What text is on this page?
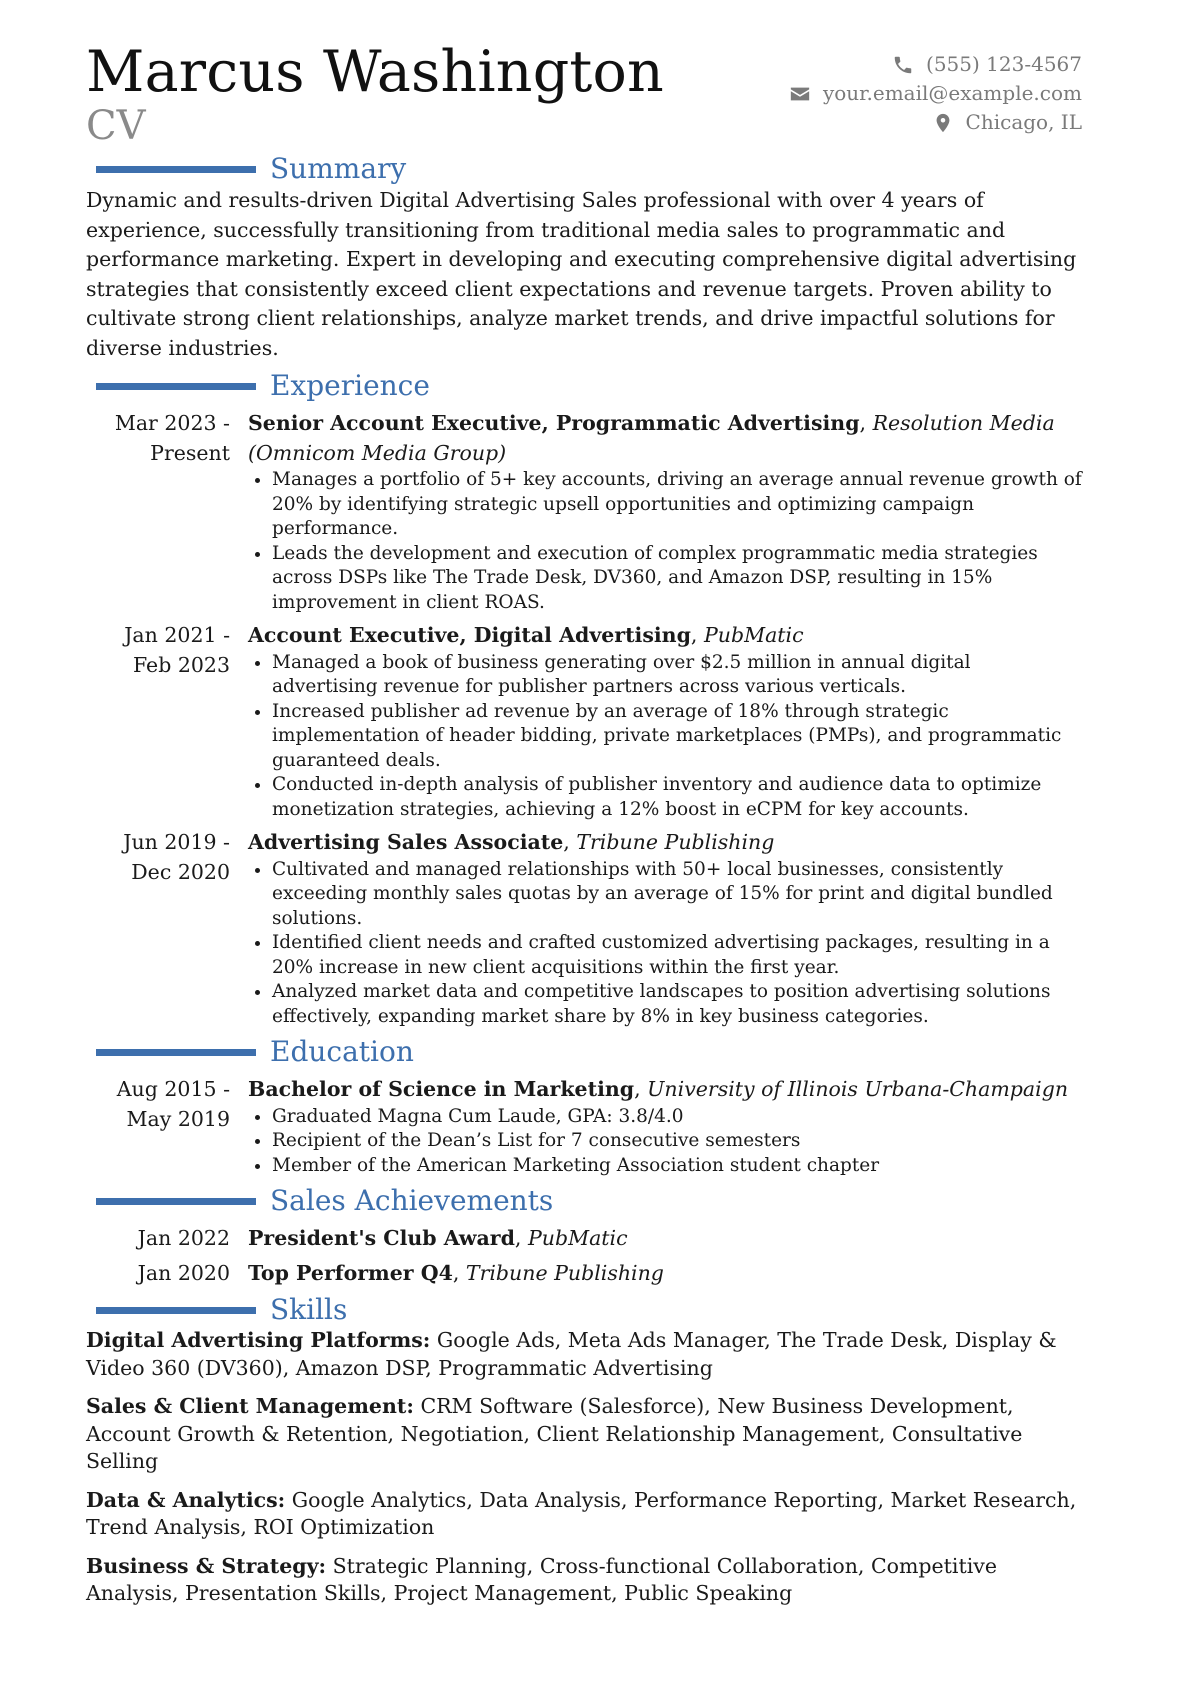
Marcus Washington
CV
(555) 123-4567
your.email@example.com
Chicago, IL
Summary

Dynamic and results-driven Digital Advertising Sales professional with over 4 years of experience, successfully transitioning from traditional media sales to programmatic and performance marketing. Expert in developing and executing comprehensive digital advertising strategies that consistently exceed client expectations and revenue targets. Proven ability to cultivate strong client relationships, analyze market trends, and drive impactful solutions for diverse industries.

Experience
Mar 2023 - Present
Senior Account Executive, Programmatic Advertising, Resolution Media (Omnicom Media Group)
Manages a portfolio of 5+ key accounts, driving an average annual revenue growth of 20% by identifying strategic upsell opportunities and optimizing campaign performance.
Leads the development and execution of complex programmatic media strategies across DSPs like The Trade Desk, DV360, and Amazon DSP, resulting in 15% improvement in client ROAS.
Jan 2021 - Feb 2023
Account Executive, Digital Advertising, PubMatic
Managed a book of business generating over $2.5 million in annual digital advertising revenue for publisher partners across various verticals.
Increased publisher ad revenue by an average of 18% through strategic implementation of header bidding, private marketplaces (PMPs), and programmatic guaranteed deals.
Conducted in-depth analysis of publisher inventory and audience data to optimize monetization strategies, achieving a 12% boost in eCPM for key accounts.
Jun 2019 - Dec 2020
Advertising Sales Associate, Tribune Publishing
Cultivated and managed relationships with 50+ local businesses, consistently exceeding monthly sales quotas by an average of 15% for print and digital bundled solutions.
Identified client needs and crafted customized advertising packages, resulting in a 20% increase in new client acquisitions within the first year.
Analyzed market data and competitive landscapes to position advertising solutions effectively, expanding market share by 8% in key business categories.
Education
Aug 2015 - May 2019
Bachelor of Science in Marketing, University of Illinois Urbana-Champaign
Graduated Magna Cum Laude, GPA: 3.8/4.0
Recipient of the Dean’s List for 7 consecutive semesters
Member of the American Marketing Association student chapter
Sales Achievements
Jan 2022 President's Club Award, PubMatic
Jan 2020 Top Performer Q4, Tribune Publishing
Skills
Digital Advertising Platforms: Google Ads, Meta Ads Manager, The Trade Desk, Display & Video 360 (DV360), Amazon DSP, Programmatic Advertising
Sales & Client Management: CRM Software (Salesforce), New Business Development, Account Growth & Retention, Negotiation, Client Relationship Management, Consultative Selling
Data & Analytics: Google Analytics, Data Analysis, Performance Reporting, Market Research, Trend Analysis, ROI Optimization
Business & Strategy: Strategic Planning, Cross-functional Collaboration, Competitive Analysis, Presentation Skills, Project Management, Public Speaking
